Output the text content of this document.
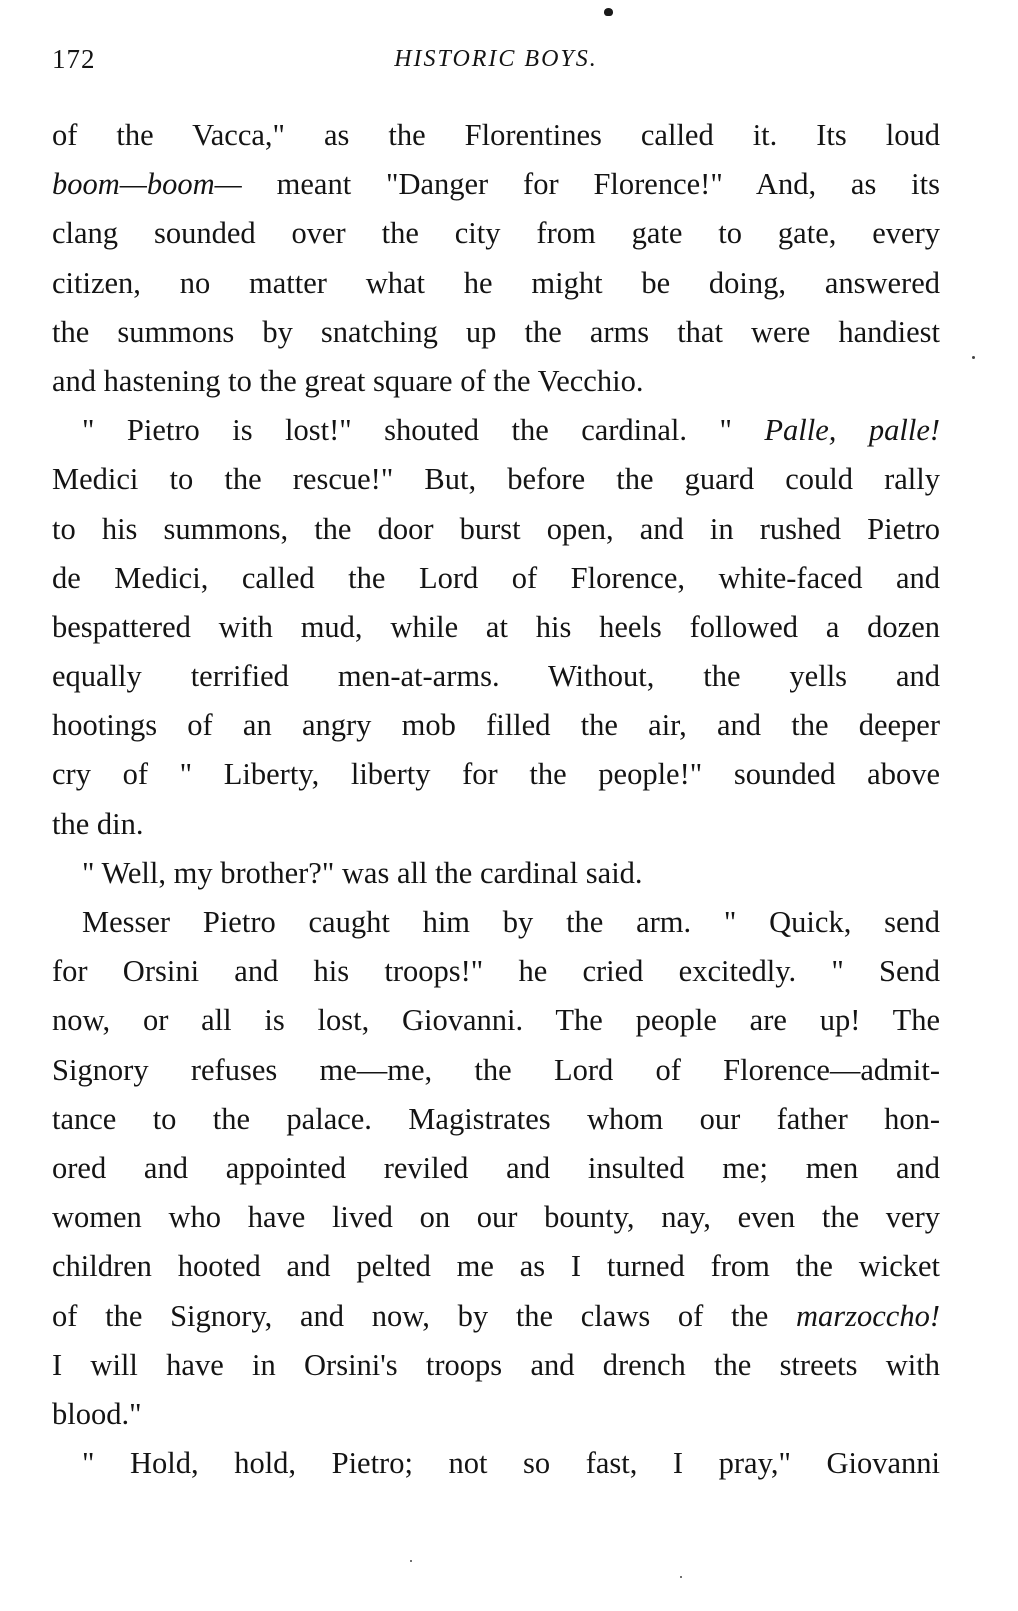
172	HISTORIC BOYS.
of the Vacca," as the Florentines called it. Its loud
boom—boom— meant "Danger for Florence!" And, as its
clang sounded over the city from gate to gate, every
citizen, no matter what he might be doing, answered
the summons by snatching up the arms that were handiest
and hastening to the great square of the Vecchio.
" Pietro is lost!" shouted the cardinal. " Palle, palle!
Medici to the rescue!" But, before the guard could rally
to his summons, the door burst open, and in rushed Pietro
de Medici, called the Lord of Florence, white-faced and
bespattered with mud, while at his heels followed a dozen
equally terrified men-at-arms. Without, the yells and
hootings of an angry mob filled the air, and the deeper
cry of " Liberty, liberty for the people!" sounded above
the din.
" Well, my brother?" was all the cardinal said.
Messer Pietro caught him by the arm. " Quick, send
for Orsini and his troops!" he cried excitedly. " Send
now, or all is lost, Giovanni. The people are up! The
Signory refuses me—me, the Lord of Florence—admit-
tance to the palace. Magistrates whom our father hon-
ored and appointed reviled and insulted me; men and
women who have lived on our bounty, nay, even the very
children hooted and pelted me as I turned from the wicket
of the Signory, and now, by the claws of the marzoccho!
I will have in Orsini's troops and drench the streets with
blood."
" Hold, hold, Pietro; not so fast, I pray," Giovanni
